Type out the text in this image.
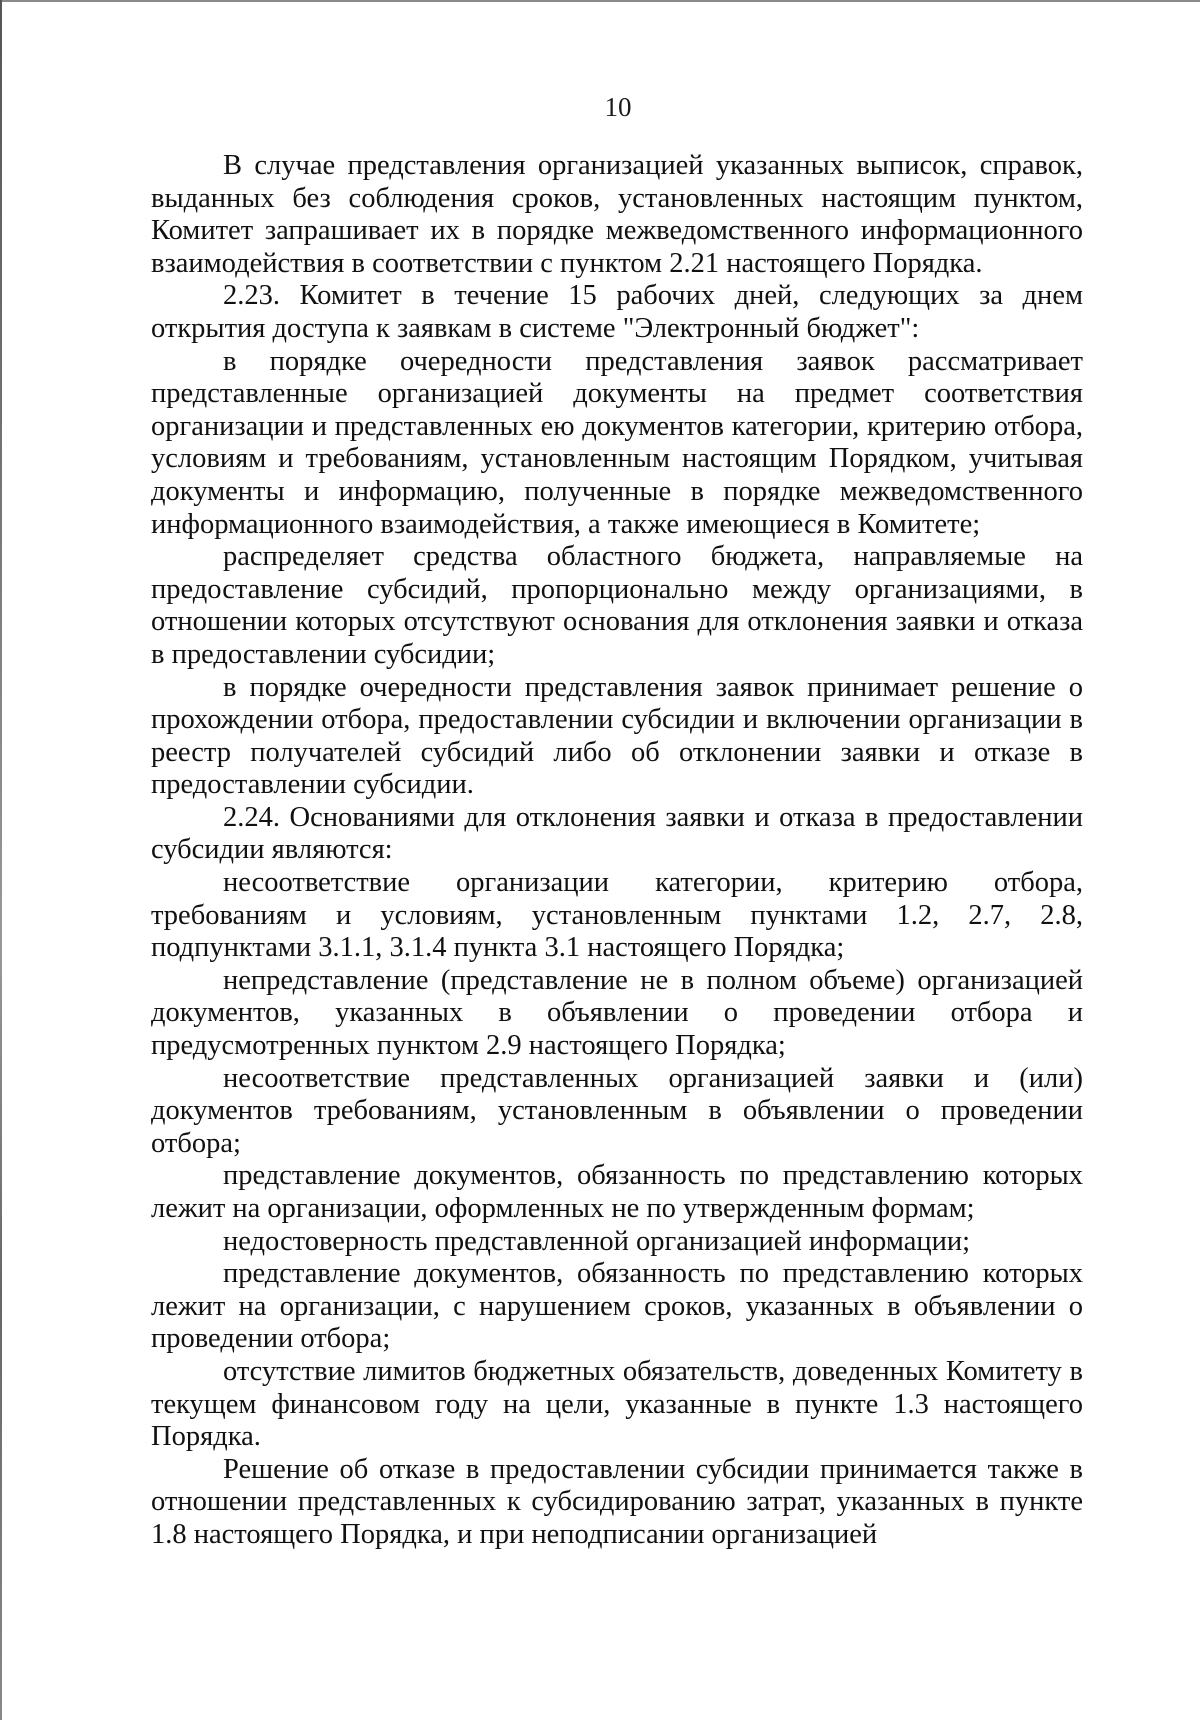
10

В случае представления организацией указанных выписок, справок, выданных без соблюдения сроков, установленных настоящим пунктом, Комитет запрашивает их в порядке межведомственного информационного взаимодействия в соответствии с пунктом 2.21 настоящего Порядка.

2.23. Комитет в течение 15 рабочих дней, следующих за днем открытия доступа к заявкам в системе "Электронный бюджет":

в порядке очередности представления заявок рассматривает представленные организацией документы на предмет соответствия организации и представленных ею документов категории, критерию отбора, условиям и требованиям, установленным настоящим Порядком, учитывая документы и информацию, полученные в порядке межведомственного информационного взаимодействия, а также имеющиеся в Комитете;

распределяет средства областного бюджета, направляемые на предоставление субсидий, пропорционально между организациями, в отношении которых отсутствуют основания для отклонения заявки и отказа в предоставлении субсидии;

в порядке очередности представления заявок принимает решение о прохождении отбора, предоставлении субсидии и включении организации в реестр получателей субсидий либо об отклонении заявки и отказе в предоставлении субсидии.

2.24. Основаниями для отклонения заявки и отказа в предоставлении субсидии являются:

несоответствие организации категории, критерию отбора, требованиям и условиям, установленным пунктами 1.2, 2.7, 2.8, подпунктами 3.1.1, 3.1.4 пункта 3.1 настоящего Порядка;

непредставление (представление не в полном объеме) организацией документов, указанных в объявлении о проведении отбора и предусмотренных пунктом 2.9 настоящего Порядка;

несоответствие представленных организацией заявки и (или) документов требованиям, установленным в объявлении о проведении отбора;

представление документов, обязанность по представлению которых лежит на организации, оформленных не по утвержденным формам;

недостоверность представленной организацией информации;

представление документов, обязанность по представлению которых лежит на организации, с нарушением сроков, указанных в объявлении о проведении отбора;

отсутствие лимитов бюджетных обязательств, доведенных Комитету в текущем финансовом году на цели, указанные в пункте 1.3 настоящего Порядка.

Решение об отказе в предоставлении субсидии принимается также в отношении представленных к субсидированию затрат, указанных в пункте 1.8 настоящего Порядка, и при неподписании организацией
